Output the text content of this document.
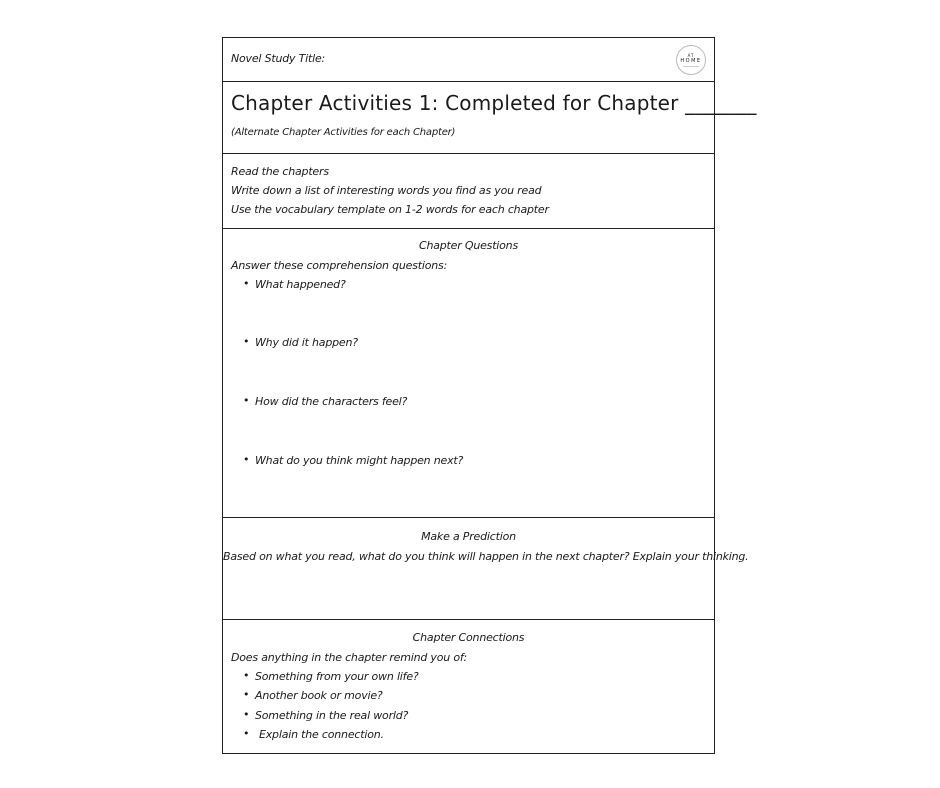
Novel Study Title:	AT
HOME
Chapter Activities 1: Completed for Chapter _______
(Alternate Chapter Activities for each Chapter)
Read the chapters
Write down a list of interesting words you find as you read
Use the vocabulary template on 1-2 words for each chapter
Chapter Questions
Answer these comprehension questions:
• What happened?
• Why did it happen?
• How did the characters feel?
• What do you think might happen next?
Make a Prediction
Based on what you read, what do you think will happen in the next chapter? Explain your thinking.
Chapter Connections
Does anything in the chapter remind you of:
• Something from your own life?
• Another book or movie?
• Something in the real world?
• Explain the connection.
